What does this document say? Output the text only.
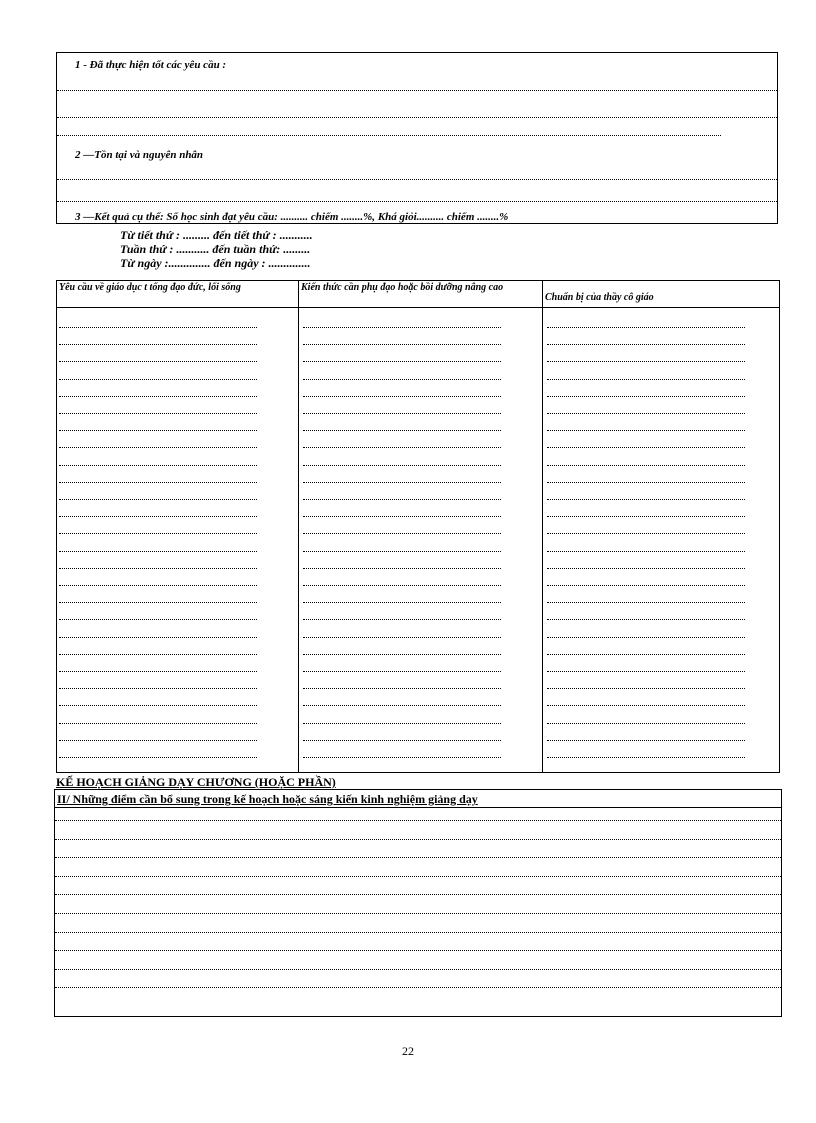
1 - Đã thực hiện tốt các yêu cầu :
2 —Tồn tại và nguyên nhân
3 —Kết quả cụ thể: Số học sinh đạt yêu cầu: .......... chiếm ........%, Khá giỏi.......... chiếm ........%
Từ tiết thứ : ......... đến tiết thứ : ...........
Tuần thứ : ........... đến tuần thứ: .........
Từ ngày :.............. đến ngày : ..............
Yêu cầu về giáo dục t tổng đạo đức, lối sống	Kiến thức cần phụ đạo hoặc bồi dưỡng nâng cao
Chuẩn bị của thầy cô giáo
KẾ HOẠCH GIẢNG DẠY CHƯƠNG (HOẶC PHẦN)
II/ Những điểm cần bổ sung trong kế hoạch hoặc sáng kiến kinh nghiệm giảng dạy
22
